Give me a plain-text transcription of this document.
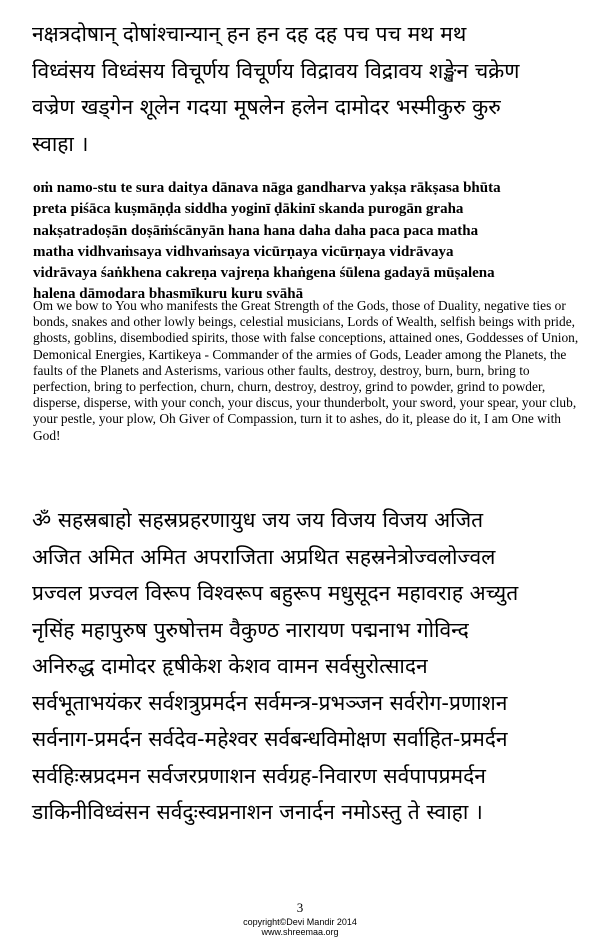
नक्षत्रदोषान् दोषांश्चान्यान् हन हन दह दह पच पच मथ मथ
विध्वंसय विध्वंसय विचूर्णय विचूर्णय विद्रावय विद्रावय शङ्खेन चक्रेण
वज्रेण खड्गेन शूलेन गदया मूषलेन हलेन दामोदर भस्मीकुरु कुरु
स्वाहा ।
oṁ namo-stu te sura daitya dānava nāga gandharva yakṣa rākṣasa bhūta
preta piśāca kuṣmāṇḍa siddha yoginī ḍākinī skanda purogān graha
nakṣatradoṣān doṣāṁścānyān hana hana daha daha paca paca matha
matha vidhvaṁsaya vidhvaṁsaya vicūrṇaya vicūrṇaya vidrāvaya
vidrāvaya śaṅkhena cakreṇa vajreṇa khaṅgena śūlena gadayā mūṣalena
halena dāmodara bhasmīkuru kuru svāhā
Om we bow to You who manifests the Great Strength of the Gods, those of Duality, negative ties or bonds, snakes and other lowly beings, celestial musicians, Lords of Wealth, selfish beings with pride, ghosts, goblins, disembodied spirits, those with false conceptions, attained ones, Goddesses of Union, Demonical Energies, Kartikeya - Commander of the armies of Gods, Leader among the Planets, the faults of the Planets and Asterisms, various other faults, destroy, destroy, burn, burn, bring to perfection, bring to perfection, churn, churn, destroy, destroy, grind to powder, grind to powder, disperse, disperse, with your conch, your discus, your thunderbolt, your sword, your spear, your club, your pestle, your plow, Oh Giver of Compassion, turn it to ashes, do it, please do it, I am One with God!
ॐ सहस्रबाहो सहस्रप्रहरणायुध जय जय विजय विजय अजित
अजित अमित अमित अपराजिता अप्रथित सहस्रनेत्रोज्वलोज्वल
प्रज्वल प्रज्वल विरूप विश्वरूप बहुरूप मधुसूदन महावराह अच्युत
नृसिंह महापुरुष पुरुषोत्तम वैकुण्ठ नारायण पद्मनाभ गोविन्द
अनिरुद्ध दामोदर हृषीकेश केशव वामन सर्वसुरोत्सादन
सर्वभूताभयंकर सर्वशत्रुप्रमर्दन सर्वमन्त्र-प्रभञ्जन सर्वरोग-प्रणाशन
सर्वनाग-प्रमर्दन सर्वदेव-महेश्वर सर्वबन्धविमोक्षण सर्वाहित-प्रमर्दन
सर्वहिःस्रप्रदमन सर्वजरप्रणाशन सर्वग्रह-निवारण सर्वपापप्रमर्दन
डाकिनीविध्वंसन सर्वदुःस्वप्ननाशन जनार्दन नमोऽस्तु ते स्वाहा ।
3
copyright©Devi Mandir 2014
www.shreemaa.org
